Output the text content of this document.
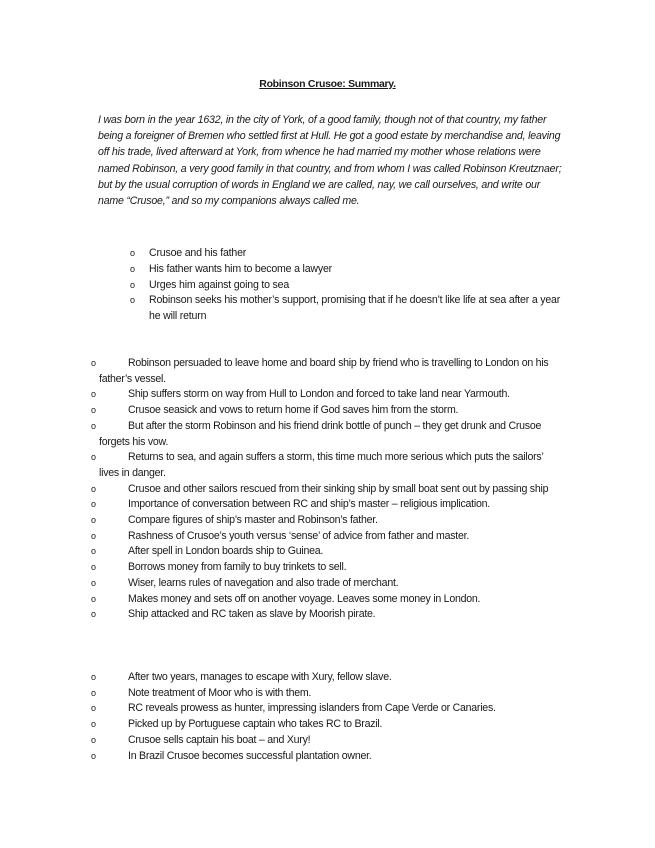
Robinson Crusoe: Summary.

I was born in the year 1632, in the city of York, of a good family, though not of that country, my father being a foreigner of Bremen who settled first at Hull. He got a good estate by merchandise and, leaving off his trade, lived afterward at York, from whence he had married my mother whose relations were named Robinson, a very good family in that country, and from whom I was called Robinson Kreutznaer; but by the usual corruption of words in England we are called, nay, we call ourselves, and write our name “Crusoe,” and so my companions always called me.

o Crusoe and his father
o His father wants him to become a lawyer
o Urges him against going to sea
o Robinson seeks his mother’s support, promising that if he doesn’t like life at sea after a year he will return
o	Robinson persuaded to leave home and board ship by friend who is travelling to London on his father’s vessel.
o	Ship suffers storm on way from Hull to London and forced to take land near Yarmouth.
o	Crusoe seasick and vows to return home if God saves him from the storm.
o	But after the storm Robinson and his friend drink bottle of punch – they get drunk and Crusoe forgets his vow.
o	Returns to sea, and again suffers a storm, this time much more serious which puts the sailors’ lives in danger.
o	Crusoe and other sailors rescued from their sinking ship by small boat sent out by passing ship
o	Importance of conversation between RC and ship’s master – religious implication.
o	Compare figures of ship’s master and Robinson’s father.
o	Rashness of Crusoe’s youth versus ‘sense’ of advice from father and master.
o	After spell in London boards ship to Guinea.
o	Borrows money from family to buy trinkets to sell.
o	Wiser, learns rules of navegation and also trade of merchant.
o	Makes money and sets off on another voyage. Leaves some money in London.
o	Ship attacked and RC taken as slave by Moorish pirate.
o	After two years, manages to escape with Xury, fellow slave.
o	Note treatment of Moor who is with them.
o	RC reveals prowess as hunter, impressing islanders from Cape Verde or Canaries.
o	Picked up by Portuguese captain who takes RC to Brazil.
o	Crusoe sells captain his boat – and Xury!
o	In Brazil Crusoe becomes successful plantation owner.
